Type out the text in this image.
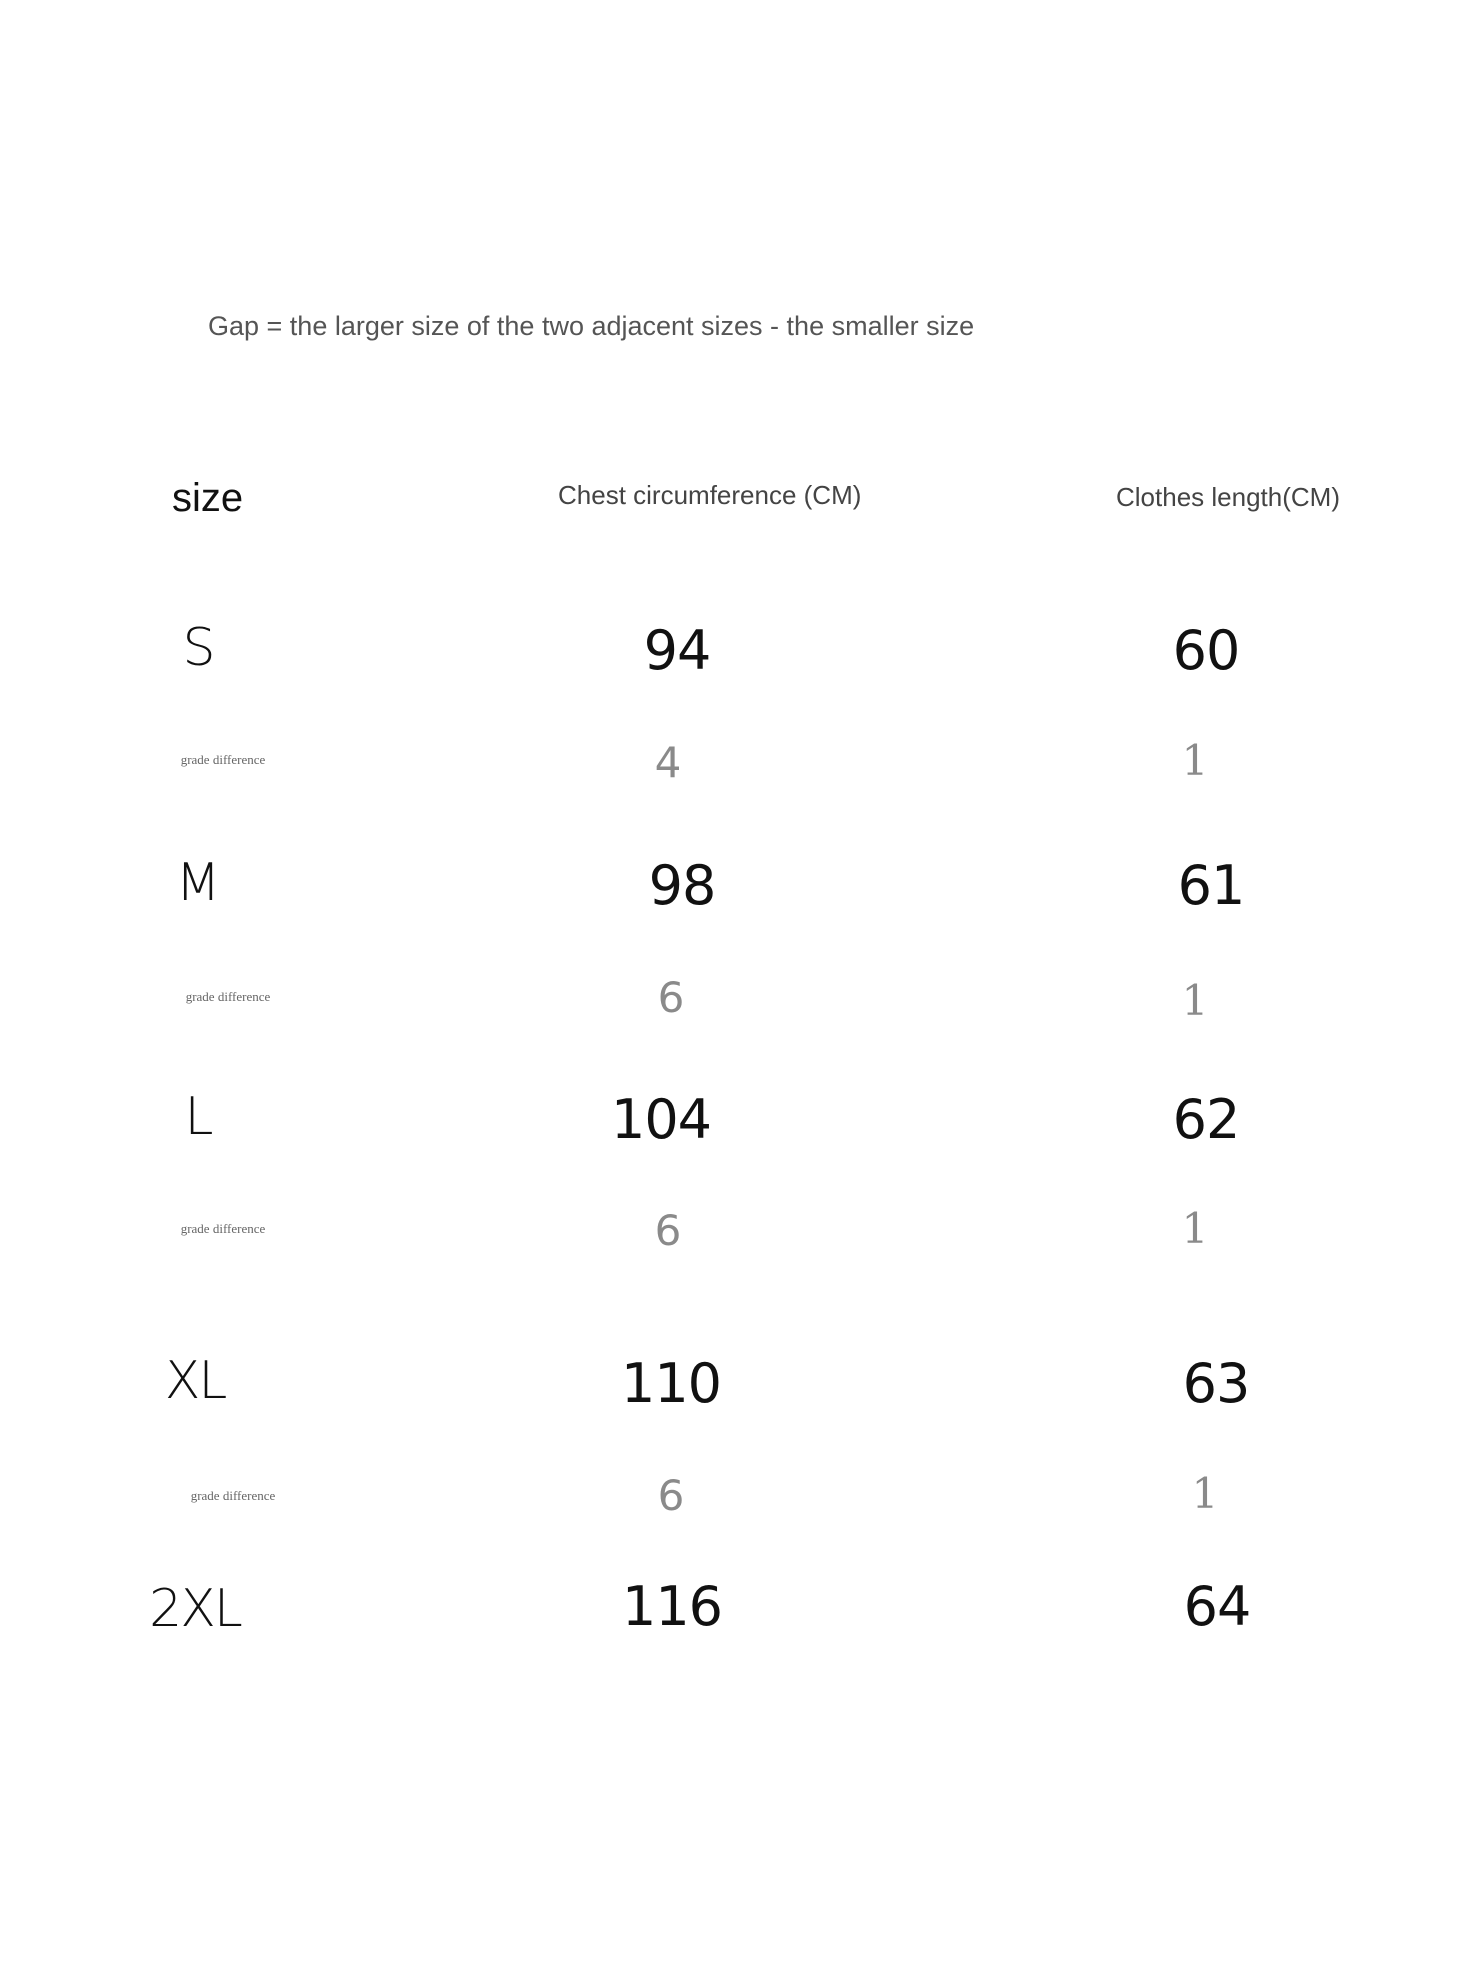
Gap = the larger size of the two adjacent sizes - the smaller size
size	Chest circumference (CM)	Clothes length(CM)
S	94	60
grade difference	4	1
M	98	61
grade difference	6	1
L	104	62
grade difference	6	1
XL	110	63
grade difference	6	1
2XL	116	64
